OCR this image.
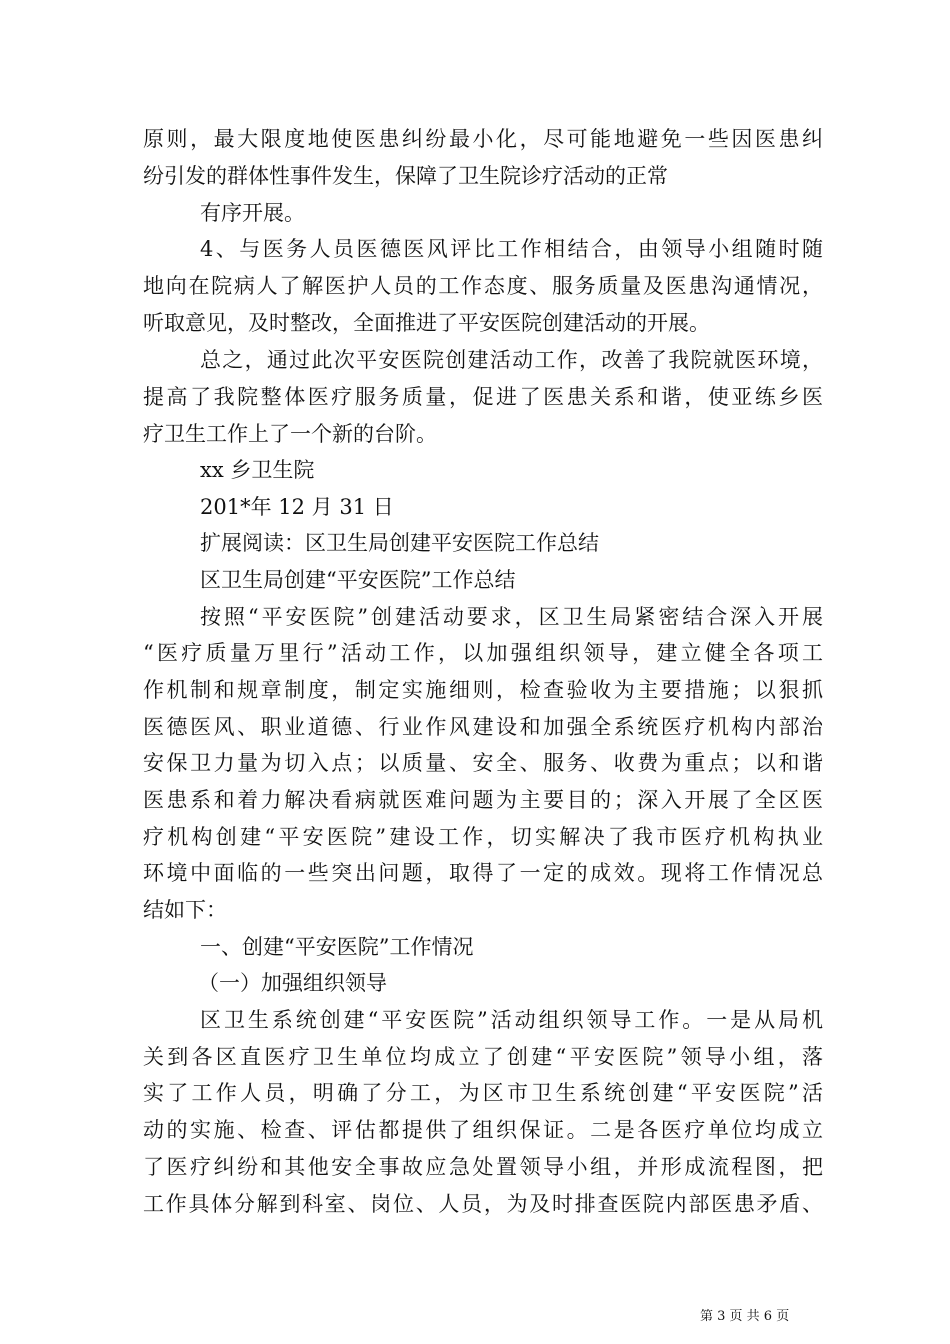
原则，最大限度地使医患纠纷最小化，尽可能地避免一些因医患纠
纷引发的群体性事件发生，保障了卫生院诊疗活动的正常
有序开展。
4、与医务人员医德医风评比工作相结合，由领导小组随时随
地向在院病人了解医护人员的工作态度、服务质量及医患沟通情况，
听取意见，及时整改，全面推进了平安医院创建活动的开展。
总之，通过此次平安医院创建活动工作，改善了我院就医环境，
提高了我院整体医疗服务质量，促进了医患关系和谐，使亚练乡医
疗卫生工作上了一个新的台阶。
xx 乡卫生院
201*年 12 月 31 日
扩展阅读：区卫生局创建平安医院工作总结
区卫生局创建“平安医院”工作总结
按照“平安医院”创建活动要求，区卫生局紧密结合深入开展
“医疗质量万里行”活动工作，以加强组织领导，建立健全各项工
作机制和规章制度，制定实施细则，检查验收为主要措施；以狠抓
医德医风、职业道德、行业作风建设和加强全系统医疗机构内部治
安保卫力量为切入点；以质量、安全、服务、收费为重点；以和谐
医患系和着力解决看病就医难问题为主要目的；深入开展了全区医
疗机构创建“平安医院”建设工作，切实解决了我市医疗机构执业
环境中面临的一些突出问题，取得了一定的成效。现将工作情况总
结如下：
一、创建“平安医院”工作情况
（一）加强组织领导
区卫生系统创建“平安医院”活动组织领导工作。一是从局机
关到各区直医疗卫生单位均成立了创建“平安医院”领导小组，落
实了工作人员，明确了分工，为区市卫生系统创建“平安医院”活
动的实施、检查、评估都提供了组织保证。二是各医疗单位均成立
了医疗纠纷和其他安全事故应急处置领导小组，并形成流程图，把
工作具体分解到科室、岗位、人员，为及时排查医院内部医患矛盾、
第 3 页 共 6 页
